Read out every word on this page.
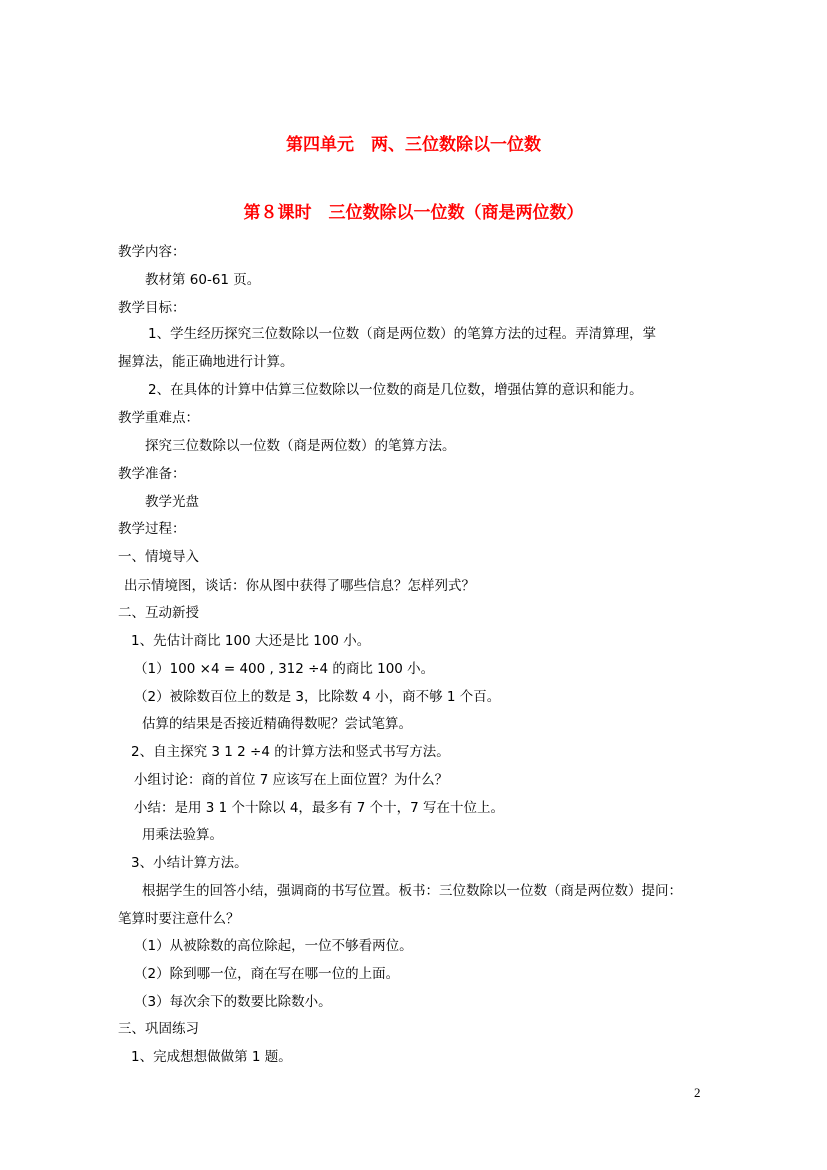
第四单元　两、三位数除以一位数
第８课时　三位数除以一位数（商是两位数）
教学内容：
教材第 60-61 页。
教学目标：
1、学生经历探究三位数除以一位数（商是两位数）的笔算方法的过程。弄清算理，掌
握算法，能正确地进行计算。
2、在具体的计算中估算三位数除以一位数的商是几位数，增强估算的意识和能力。
教学重难点：
探究三位数除以一位数（商是两位数）的笔算方法。
教学准备：
教学光盘
教学过程：
一、情境导入
出示情境图，谈话：你从图中获得了哪些信息？怎样列式？
二、互动新授
1、先估计商比 100 大还是比 100 小。
（1）100 ×4 = 400 , 312 ÷4 的商比 100 小。
（2）被除数百位上的数是 3，比除数 4 小，商不够 1 个百。
估算的结果是否接近精确得数呢？尝试笔算。
2、自主探究 3 1 2 ÷4 的计算方法和竖式书写方法。
小组讨论：商的首位 7 应该写在上面位置？为什么？
小结：是用 3 1 个十除以 4，最多有 7 个十，7 写在十位上。
用乘法验算。
3、小结计算方法。
根据学生的回答小结，强调商的书写位置。板书：三位数除以一位数（商是两位数）提问：
笔算时要注意什么？
（1）从被除数的高位除起，一位不够看两位。
（2）除到哪一位，商在写在哪一位的上面。
（3）每次余下的数要比除数小。
三、巩固练习
1、完成想想做做第 1 题。
2
